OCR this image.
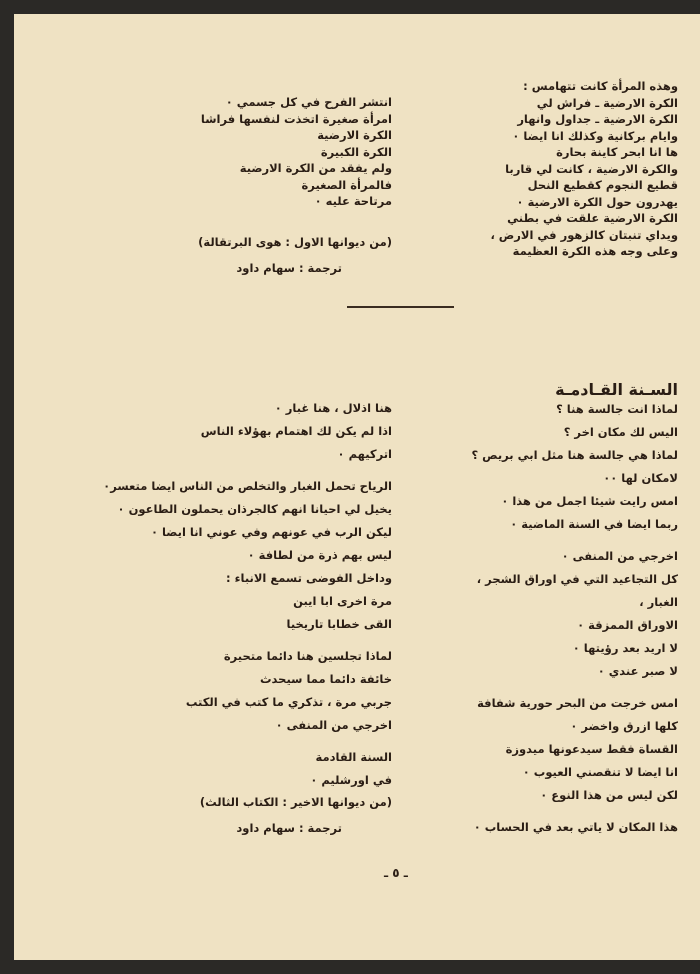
وهذه المرأة كانت تتهامس :
الكرة الارضية ـ فراش لي
الكرة الارضية ـ جداول وانهار
وايام بركانية وكذلك انا ايضا ٠
ها انا ابحر كاينة بحارة
والكرة الارضية ، كانت لي قاربا
قطيع النجوم كقطيع النحل
يهدرون حول الكرة الارضية ٠
الكرة الارضية علقت في بطني
ويداي تنبتان كالزهور في الارض ،
وعلى وجه هذه الكرة العظيمة
انتشر الفرح في كل جسمي ٠
امرأة صغيرة اتخذت لنفسها فراشا
الكرة الارضية
الكرة الكبيرة
ولم يفقد من الكرة الارضية
فالمرأة الصغيرة
مرتاحة عليه ٠
(من ديوانها الاول : هوى البرتقالة)
ترجمة : سهام داود
السـنة القـادمـة
لماذا انت جالسة هنا ؟
اليس لك مكان اخر ؟
لماذا هي جالسة هنا مثل ابي بريص ؟
لامكان لها ٠٠
امس رايت شيئا اجمل من هذا ٠
ربما ايضا في السنة الماضية ٠
اخرجي من المنفى ٠
كل التجاعيد التي في اوراق الشجر ،
الغبار ،
الاوراق الممزقة ٠
لا اريد بعد رؤيتها ٠
لا صبر عندي ٠
امس خرجت من البحر حورية شفافة
كلها ازرق واخضر ٠
القساة فقط سيدعونها ميدوزة
انا ايضا لا تنقصني العيوب ٠
لكن ليس من هذا النوع ٠
هذا المكان لا ياتي بعد في الحساب ٠
هنا اذلال ، هنا غبار ٠
اذا لم يكن لك اهتمام بهؤلاء الناس
اتركيهم ٠
الرياح تحمل الغبار والتخلص من الناس ايضا متعسر٠
يخيل لي احيانا انهم كالجرذان يحملون الطاعون ٠
ليكن الرب في عونهم وفي عوني انا ايضا ٠
ليس بهم ذرة من لطافة ٠
وداخل الفوضى تسمع الانباء :
مرة اخرى ابا ايبن
القى خطابا تاريخيا
لماذا تجلسين هنا دائما متحيرة
خائفة دائما مما سيحدث
جربي مرة ، تذكري ما كتب في الكتب
اخرجي من المنفى ٠
السنة القادمة
في اورشليم ٠
(من ديوانها الاخير : الكتاب الثالث)
ترجمة : سهام داود
ـ ٥ ـ
